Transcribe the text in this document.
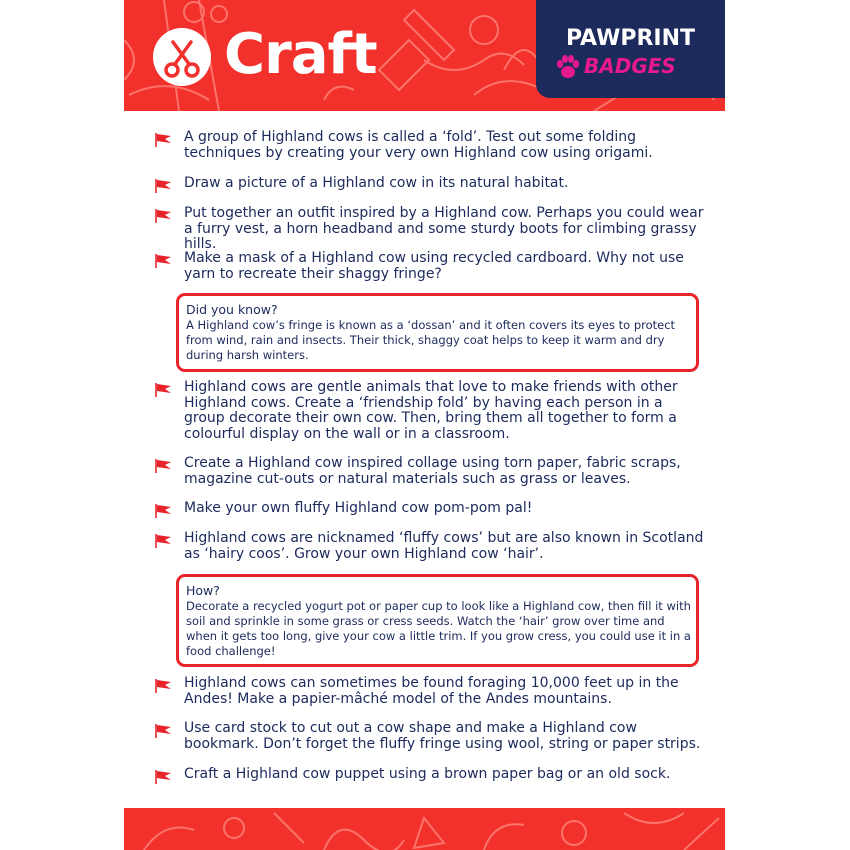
Craft	PAWPRINT
BADGES
A group of Highland cows is called a ‘fold’. Test out some folding techniques by creating your very own Highland cow using origami.
Draw a picture of a Highland cow in its natural habitat.
Put together an outfit inspired by a Highland cow. Perhaps you could wear a furry vest, a horn headband and some sturdy boots for climbing grassy hills.
Make a mask of a Highland cow using recycled cardboard. Why not use yarn to recreate their shaggy fringe?
Did you know?
A Highland cow’s fringe is known as a ‘dossan’ and it often covers its eyes to protect from wind, rain and insects. Their thick, shaggy coat helps to keep it warm and dry during harsh winters.
Highland cows are gentle animals that love to make friends with other Highland cows. Create a ‘friendship fold’ by having each person in a group decorate their own cow. Then, bring them all together to form a colourful display on the wall or in a classroom.
Create a Highland cow inspired collage using torn paper, fabric scraps, magazine cut-outs or natural materials such as grass or leaves.
Make your own fluffy Highland cow pom-pom pal!
Highland cows are nicknamed ‘fluffy cows’ but are also known in Scotland as ‘hairy coos’. Grow your own Highland cow ‘hair’.
How?
Decorate a recycled yogurt pot or paper cup to look like a Highland cow, then fill it with soil and sprinkle in some grass or cress seeds. Watch the ‘hair’ grow over time and when it gets too long, give your cow a little trim. If you grow cress, you could use it in a food challenge!
Highland cows can sometimes be found foraging 10,000 feet up in the Andes! Make a papier-mâché model of the Andes mountains.
Use card stock to cut out a cow shape and make a Highland cow bookmark. Don’t forget the fluffy fringe using wool, string or paper strips.
Craft a Highland cow puppet using a brown paper bag or an old sock.
